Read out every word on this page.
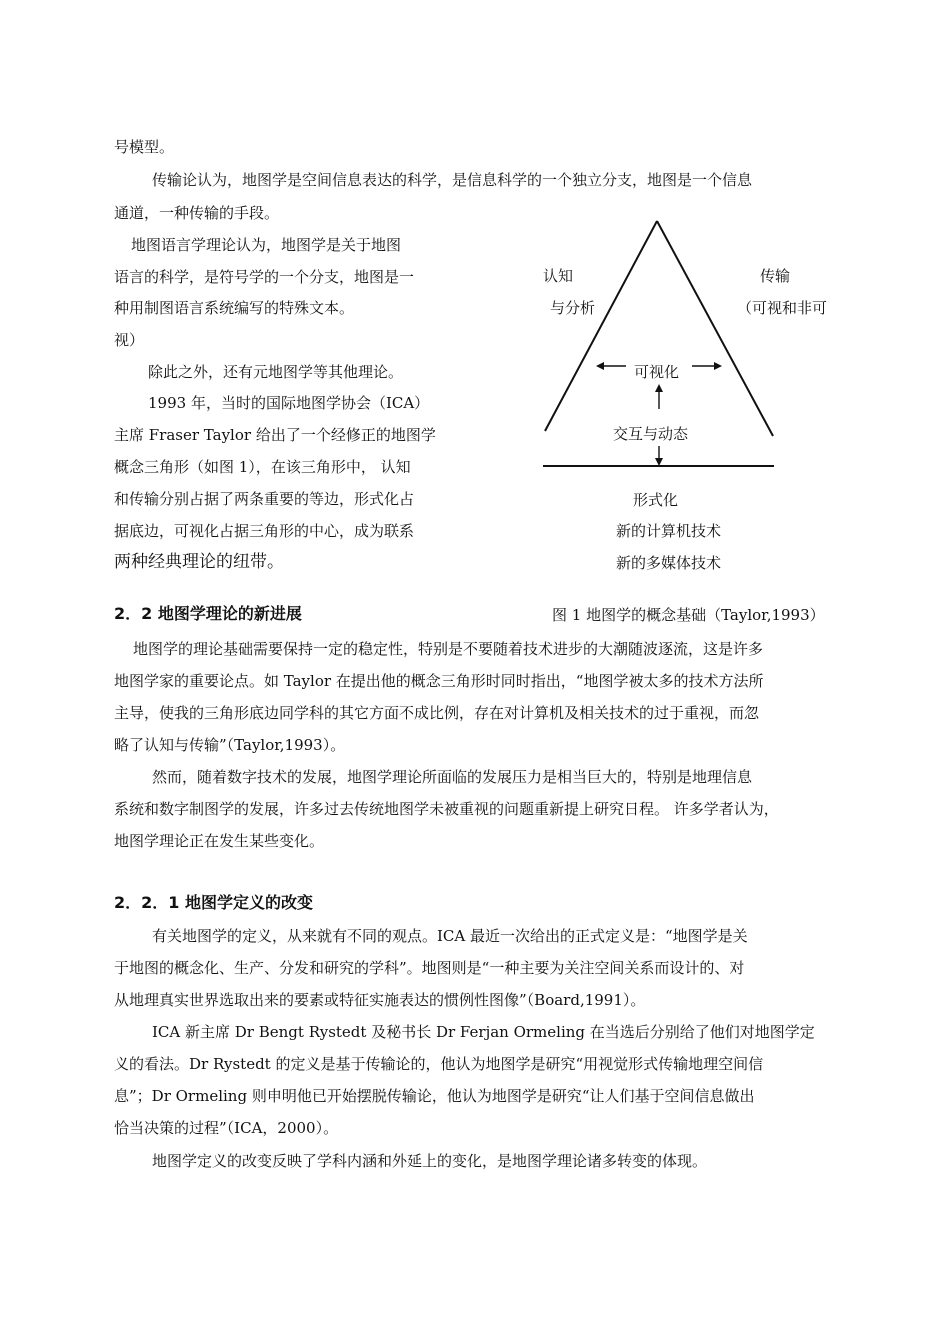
号模型。
传输论认为，地图学是空间信息表达的科学，是信息科学的一个独立分支，地图是一个信息
通道，一种传输的手段。
地图语言学理论认为，地图学是关于地图
语言的科学，是符号学的一个分支，地图是一
种用制图语言系统编写的特殊文本。
视）
除此之外，还有元地图学等其他理论。
1993 年，当时的国际地图学协会（ICA）
主席 Fraser Taylor 给出了一个经修正的地图学
概念三角形（如图 1），在该三角形中， 认知
和传输分别占据了两条重要的等边，形式化占
据底边，可视化占据三角形的中心，成为联系
两种经典理论的纽带。
认知
与分析
传输
（可视和非可
可视化
交互与动态
形式化
新的计算机技术
新的多媒体技术
2．2 地图学理论的新进展	图 1 地图学的概念基础（Taylor,1993）
地图学的理论基础需要保持一定的稳定性，特别是不要随着技术进步的大潮随波逐流，这是许多
地图学家的重要论点。如 Taylor 在提出他的概念三角形时同时指出，“地图学被太多的技术方法所
主导，使我的三角形底边同学科的其它方面不成比例，存在对计算机及相关技术的过于重视，而忽
略了认知与传输”（Taylor,1993）。
然而，随着数字技术的发展，地图学理论所面临的发展压力是相当巨大的，特别是地理信息
系统和数字制图学的发展，许多过去传统地图学未被重视的问题重新提上研究日程。 许多学者认为，
地图学理论正在发生某些变化。
2．2．1 地图学定义的改变
有关地图学的定义，从来就有不同的观点。ICA 最近一次给出的正式定义是：“地图学是关
于地图的概念化、生产、分发和研究的学科”。地图则是“一种主要为关注空间关系而设计的、对
从地理真实世界选取出来的要素或特征实施表达的惯例性图像”（Board,1991）。
ICA 新主席 Dr Bengt Rystedt 及秘书长 Dr Ferjan Ormeling 在当选后分别给了他们对地图学定
义的看法。Dr Rystedt 的定义是基于传输论的，他认为地图学是研究“用视觉形式传输地理空间信
息”；Dr Ormeling 则申明他已开始摆脱传输论，他认为地图学是研究“让人们基于空间信息做出
恰当决策的过程”（ICA，2000）。
地图学定义的改变反映了学科内涵和外延上的变化，是地图学理论诸多转变的体现。
